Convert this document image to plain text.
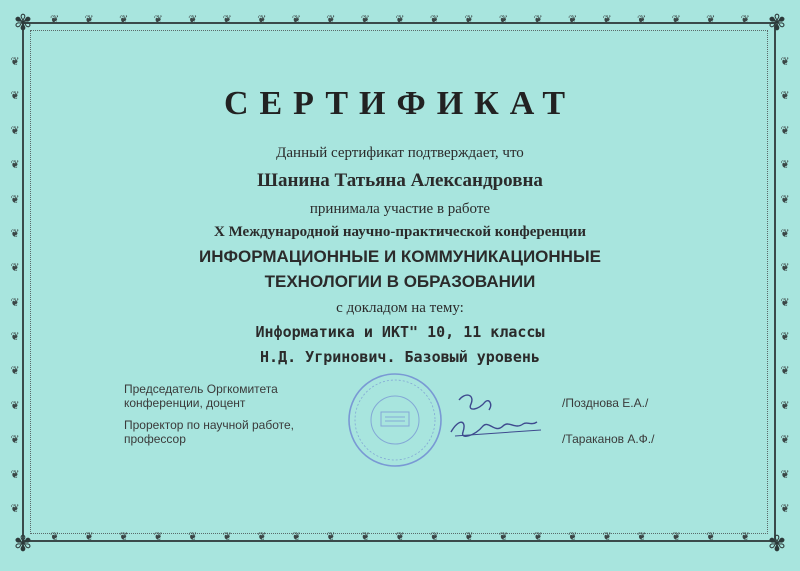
✾	✾
✾	✾
❦ ❦ ❦ ❦ ❦ ❦ ❦ ❦ ❦ ❦ ❦ ❦ ❦ ❦ ❦ ❦ ❦ ❦ ❦ ❦ ❦
❦ ❦ ❦ ❦ ❦ ❦ ❦ ❦ ❦ ❦ ❦ ❦ ❦ ❦ ❦ ❦ ❦ ❦ ❦ ❦ ❦
❦
❦
❦
❦
❦
❦
❦
❦
❦
❦
❦
❦
❦
❦
❦
❦
❦
❦
❦
❦
❦
❦
❦
❦
❦
❦
❦
❦
СЕРТИФИКАТ
Данный сертификат подтверждает, что
Шанина Татьяна Александровна
принимала участие в работе
X Международной научно-практической конференции
ИНФОРМАЦИОННЫЕ И КОММУНИКАЦИОННЫЕ
ТЕХНОЛОГИИ В ОБРАЗОВАНИИ
с докладом на тему:
Информатика и ИКТ" 10, 11 классы
Н.Д. Угринович. Базовый уровень
Председатель Оргкомитета
конференции, доцент	/Позднова Е.А./
Проректор по научной работе,
профессор	/Тараканов А.Ф./
